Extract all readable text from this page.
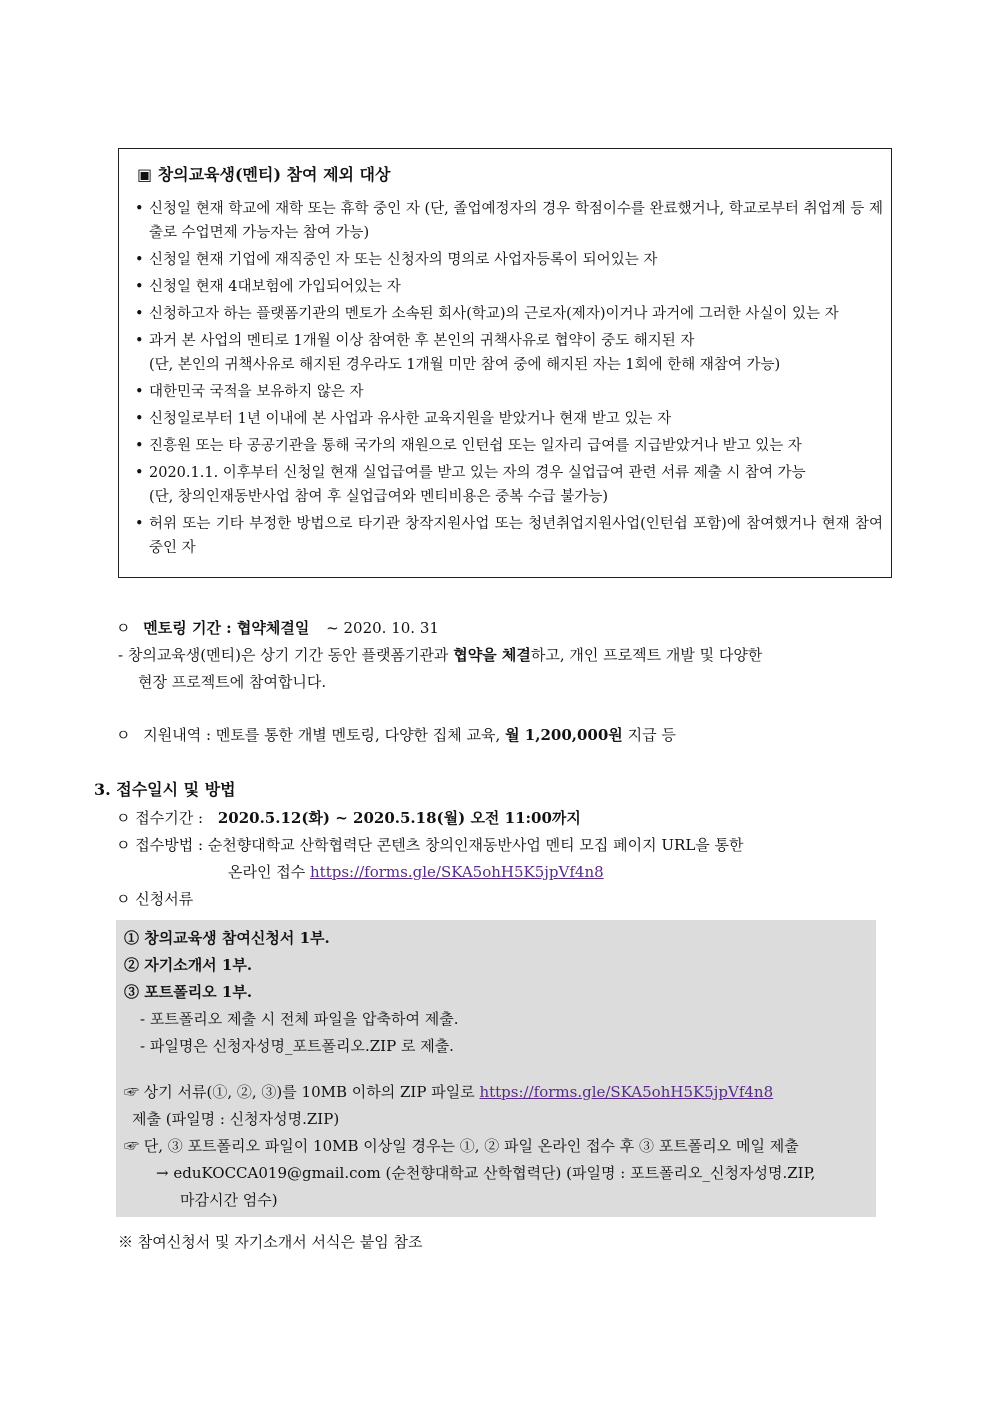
▣ 창의교육생(멘티) 참여 제외 대상
• 신청일 현재 학교에 재학 또는 휴학 중인 자 (단, 졸업예정자의 경우 학점이수를 완료했거나, 학교로부터 취업계 등 제출로 수업면제 가능자는 참여 가능)
• 신청일 현재 기업에 재직중인 자 또는 신청자의 명의로 사업자등록이 되어있는 자
• 신청일 현재 4대보험에 가입되어있는 자
• 신청하고자 하는 플랫폼기관의 멘토가 소속된 회사(학교)의 근로자(제자)이거나 과거에 그러한 사실이 있는 자
• 과거 본 사업의 멘티로 1개월 이상 참여한 후 본인의 귀책사유로 협약이 중도 해지된 자
(단, 본인의 귀책사유로 해지된 경우라도 1개월 미만 참여 중에 해지된 자는 1회에 한해 재참여 가능)
• 대한민국 국적을 보유하지 않은 자
• 신청일로부터 1년 이내에 본 사업과 유사한 교육지원을 받았거나 현재 받고 있는 자
• 진흥원 또는 타 공공기관을 통해 국가의 재원으로 인턴쉽 또는 일자리 급여를 지급받았거나 받고 있는 자
• 2020.1.1. 이후부터 신청일 현재 실업급여를 받고 있는 자의 경우 실업급여 관련 서류 제출 시 참여 가능
(단, 창의인재동반사업 참여 후 실업급여와 멘티비용은 중복 수급 불가능)
• 허위 또는 기타 부정한 방법으로 타기관 창작지원사업 또는 청년취업지원사업(인턴쉽 포함)에 참여했거나 현재 참여중인 자
ㅇ 멘토링 기간 : 협약체결일 ~ 2020. 10. 31
- 창의교육생(멘티)은 상기 기간 동안 플랫폼기관과 협약을 체결하고, 개인 프로젝트 개발 및 다양한
현장 프로젝트에 참여합니다.
ㅇ 지원내역 : 멘토를 통한 개별 멘토링, 다양한 집체 교육, 월 1,200,000원 지급 등
3. 접수일시 및 방법
ㅇ 접수기간 : 2020.5.12(화) ~ 2020.5.18(월) 오전 11:00까지
ㅇ 접수방법 : 순천향대학교 산학협력단 콘텐츠 창의인재동반사업 멘티 모집 페이지 URL을 통한
온라인 접수 https://forms.gle/SKA5ohH5K5jpVf4n8
ㅇ 신청서류
① 창의교육생 참여신청서 1부.
② 자기소개서 1부.
③ 포트폴리오 1부.
- 포트폴리오 제출 시 전체 파일을 압축하여 제출.
- 파일명은 신청자성명_포트폴리오.ZIP 로 제출.
☞ 상기 서류(①, ②, ③)를 10MB 이하의 ZIP 파일로 https://forms.gle/SKA5ohH5K5jpVf4n8
제출 (파일명 : 신청자성명.ZIP)
☞ 단, ③ 포트폴리오 파일이 10MB 이상일 경우는 ①, ② 파일 온라인 접수 후 ③ 포트폴리오 메일 제출
→ eduKOCCA019@gmail.com (순천향대학교 산학협력단) (파일명 : 포트폴리오_신청자성명.ZIP,
마감시간 엄수)
※ 참여신청서 및 자기소개서 서식은 붙임 참조
